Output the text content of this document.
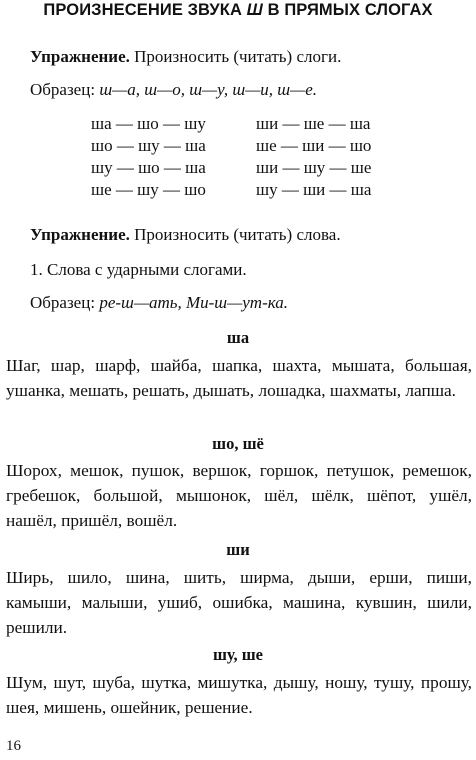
ПРОИЗНЕСЕНИЕ ЗВУКА Ш В ПРЯМЫХ СЛОГАХ
Упражнение. Произносить (читать) слоги.
Образец: ш—а, ш—о, ш—у, ш—и, ш—е.
ша — шо — шу
шо — шу — ша
шу — шо — ша
ше — шу — шо
ши — ше — ша
ше — ши — шо
ши — шу — ше
шу — ши — ша
Упражнение. Произносить (читать) слова.
1. Слова с ударными слогами.
Образец: ре-ш—ать, Ми-ш—ут-ка.
ша
Шаг, шар, шарф, шайба, шапка, шахта, мышата, большая, ушанка, мешать, решать, дышать, лошадка, шахматы, лапша.
шо, шё
Шорох, мешок, пушок, вершок, горшок, петушок, ремешок, гребешок, большой, мышонок, шёл, шёлк, шёпот, ушёл, нашёл, пришёл, вошёл.
ши
Ширь, шило, шина, шить, ширма, дыши, ерши, пиши, камыши, малыши, ушиб, ошибка, машина, кувшин, шили, решили.
шу, ше
Шум, шут, шуба, шутка, мишутка, дышу, ношу, тушу, прошу, шея, мишень, ошейник, решение.
16
